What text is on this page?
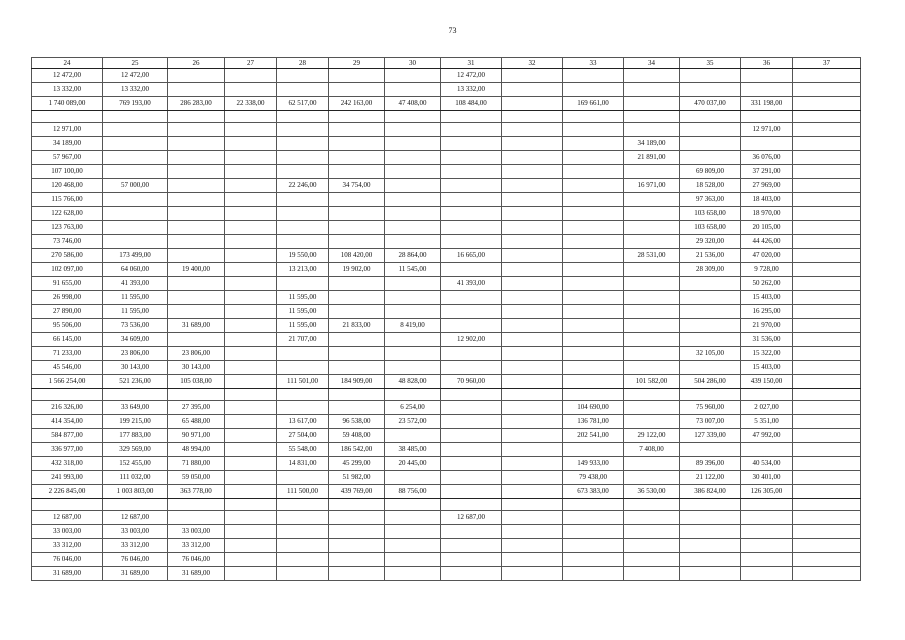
73
24	25	26	27	28	29	30	31	32	33	34	35	36	37
12 472,00	12 472,00						12 472,00						
13 332,00	13 332,00						13 332,00						
1 740 089,00	769 193,00	286 283,00	22 338,00	62 517,00	242 163,00	47 408,00	108 484,00		169 661,00		470 037,00	331 198,00	

12 971,00												12 971,00	
34 189,00										34 189,00			
57 967,00										21 891,00		36 076,00	
107 100,00											69 809,00	37 291,00	
120 468,00	57 000,00			22 246,00	34 754,00					16 971,00	18 528,00	27 969,00	
115 766,00											97 363,00	18 403,00	
122 628,00											103 658,00	18 970,00	
123 763,00											103 658,00	20 105,00	
73 746,00											29 320,00	44 426,00	
270 586,00	173 499,00			19 550,00	108 420,00	28 864,00	16 665,00			28 531,00	21 536,00	47 020,00	
102 097,00	64 060,00	19 400,00		13 213,00	19 902,00	11 545,00					28 309,00	9 728,00	
91 655,00	41 393,00						41 393,00					50 262,00	
26 998,00	11 595,00			11 595,00								15 403,00	
27 890,00	11 595,00			11 595,00								16 295,00	
95 506,00	73 536,00	31 689,00		11 595,00	21 833,00	8 419,00						21 970,00	
66 145,00	34 609,00			21 707,00			12 902,00					31 536,00	
71 233,00	23 806,00	23 806,00									32 105,00	15 322,00	
45 546,00	30 143,00	30 143,00										15 403,00	
1 566 254,00	521 236,00	105 038,00		111 501,00	184 909,00	48 828,00	70 960,00			101 582,00	504 286,00	439 150,00	

216 326,00	33 649,00	27 395,00				6 254,00			104 690,00		75 960,00	2 027,00	
414 354,00	199 215,00	65 488,00		13 617,00	96 538,00	23 572,00			136 781,00		73 007,00	5 351,00	
584 877,00	177 883,00	90 971,00		27 504,00	59 408,00				202 541,00	29 122,00	127 339,00	47 992,00	
336 977,00	329 569,00	48 994,00		55 548,00	186 542,00	38 485,00				7 408,00			
432 318,00	152 455,00	71 880,00		14 831,00	45 299,00	20 445,00			149 933,00		89 396,00	40 534,00	
241 993,00	111 032,00	59 050,00			51 982,00				79 438,00		21 122,00	30 401,00	
2 226 845,00	1 003 803,00	363 778,00		111 500,00	439 769,00	88 756,00			673 383,00	36 530,00	386 824,00	126 305,00	

12 687,00	12 687,00						12 687,00						
33 003,00	33 003,00	33 003,00											
33 312,00	33 312,00	33 312,00											
76 046,00	76 046,00	76 046,00											
31 689,00	31 689,00	31 689,00											
